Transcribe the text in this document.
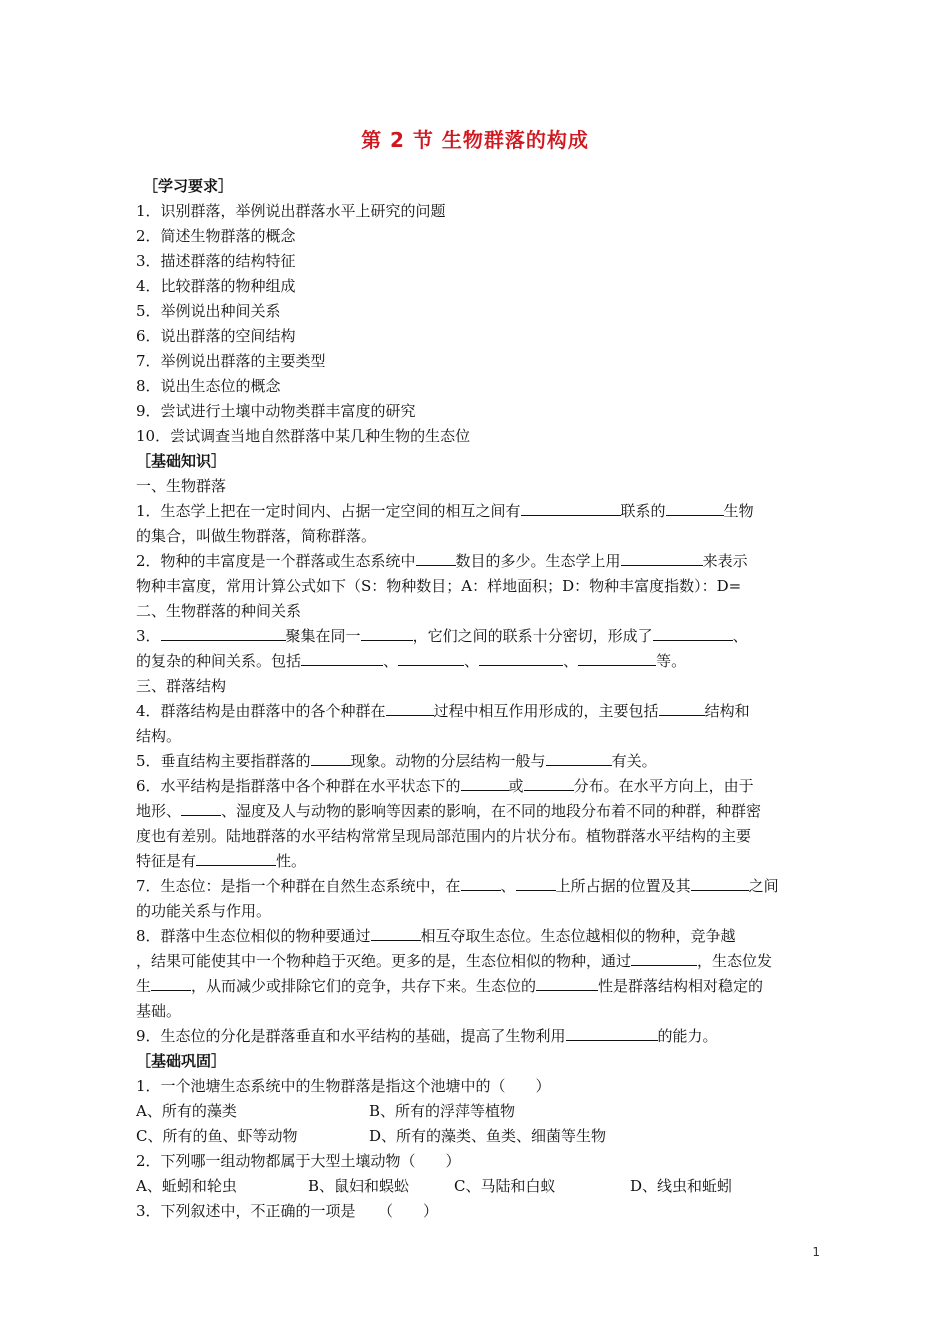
第 2 节 生物群落的构成
［学习要求］
1．识别群落，举例说出群落水平上研究的问题
2．简述生物群落的概念
3．描述群落的结构特征
4．比较群落的物种组成
5．举例说出种间关系
6．说出群落的空间结构
7．举例说出群落的主要类型
8．说出生态位的概念
9．尝试进行土壤中动物类群丰富度的研究
10．尝试调查当地自然群落中某几种生物的生态位
［基础知识］
一、生物群落
1．生态学上把在一定时间内、占据一定空间的相互之间有	联系的	生物
的集合，叫做生物群落，简称群落。
2．物种的丰富度是一个群落或生态系统中	数目的多少。生态学上用	来表示
物种丰富度，常用计算公式如下（S：物种数目；A：样地面积；D：物种丰富度指数）：D=
二、生物群落的种间关系
3．	聚集在同一	，它们之间的联系十分密切，形成了	、
的复杂的种间关系。包括	、	、	、	等。
三、群落结构
4．群落结构是由群落中的各个种群在	过程中相互作用形成的，主要包括	结构和
结构。
5．垂直结构主要指群落的	现象。动物的分层结构一般与	有关。
6．水平结构是指群落中各个种群在水平状态下的	或	分布。在水平方向上，由于
地形、	、湿度及人与动物的影响等因素的影响，在不同的地段分布着不同的种群，种群密
度也有差别。陆地群落的水平结构常常呈现局部范围内的片状分布。植物群落水平结构的主要
特征是有	性。
7．生态位：是指一个种群在自然生态系统中，在	、	上所占据的位置及其	之间
的功能关系与作用。
8．群落中生态位相似的物种要通过	相互夺取生态位。生态位越相似的物种，竞争越
，结果可能使其中一个物种趋于灭绝。更多的是，生态位相似的物种，通过	，生态位发
生	，从而减少或排除它们的竞争，共存下来。生态位的	性是群落结构相对稳定的
基础。
9．生态位的分化是群落垂直和水平结构的基础，提高了生物利用	的能力。
［基础巩固］
1．一个池塘生态系统中的生物群落是指这个池塘中的（　　）
A、所有的藻类	B、所有的浮萍等植物
C、所有的鱼、虾等动物	D、所有的藻类、鱼类、细菌等生物
2．下列哪一组动物都属于大型土壤动物（　　）
A、蚯蚓和轮虫	B、鼠妇和蜈蚣	C、马陆和白蚁	D、线虫和蚯蚓
3．下列叙述中，不正确的一项是　　（　　）
1
